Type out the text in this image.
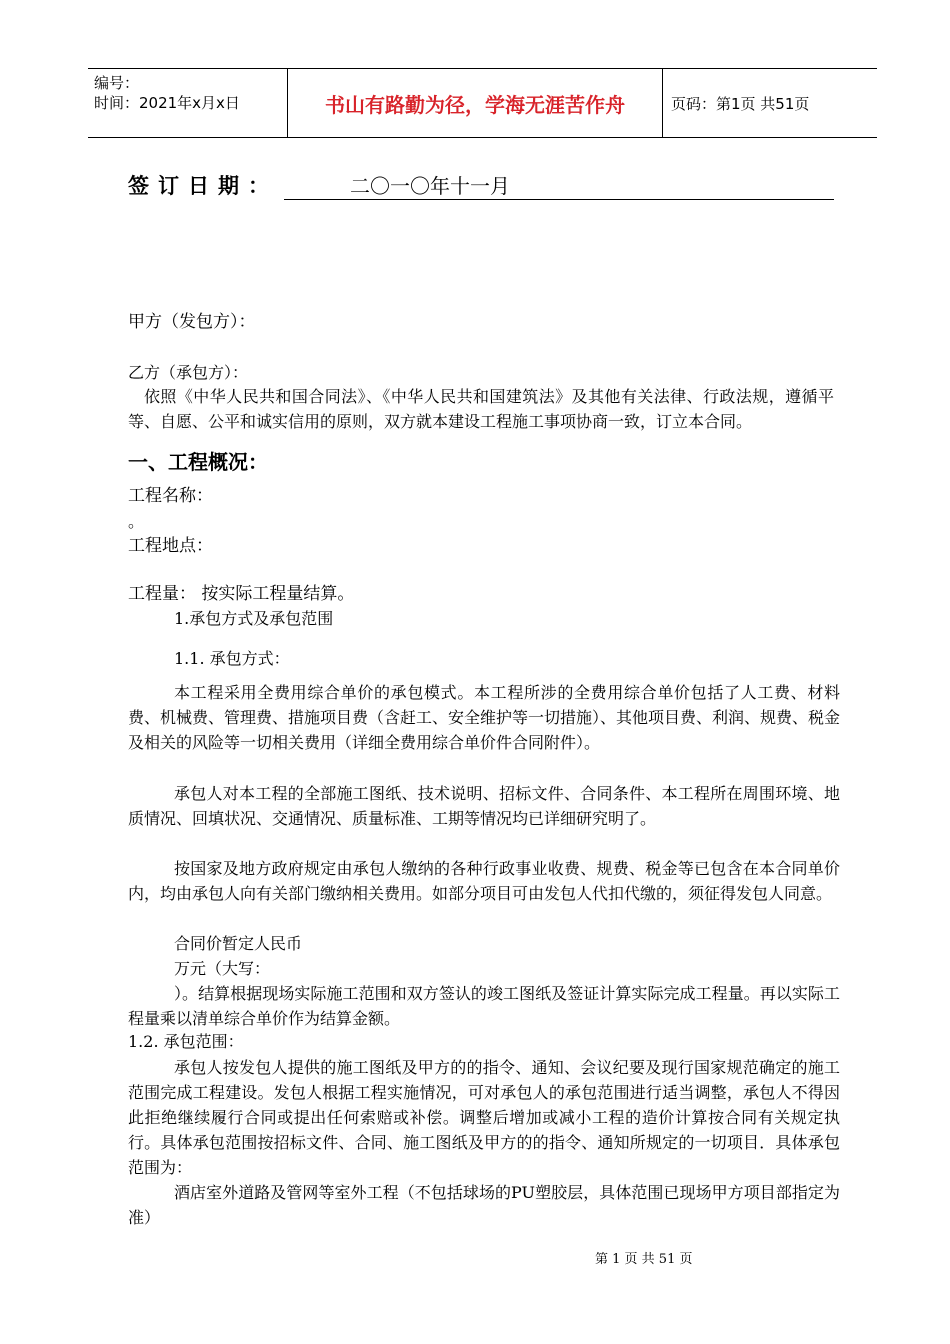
编号：
时间：2021年x月x日	书山有路勤为径，学海无涯苦作舟	页码：第1页 共51页
签订日期：	二〇一〇年十一月
甲方（发包方）：
乙方（承包方）：
依照《中华人民共和国合同法》、《中华人民共和国建筑法》及其他有关法律、行政法规，遵循平等、自愿、公平和诚实信用的原则，双方就本建设工程施工事项协商一致，订立本合同。
一、工程概况：
工程名称：
。
工程地点：
工程量： 按实际工程量结算。
1.承包方式及承包范围
1.1. 承包方式：
本工程采用全费用综合单价的承包模式。本工程所涉的全费用综合单价包括了人工费、材料费、机械费、管理费、措施项目费（含赶工、安全维护等一切措施）、其他项目费、利润、规费、税金及相关的风险等一切相关费用（详细全费用综合单价件合同附件）。
承包人对本工程的全部施工图纸、技术说明、招标文件、合同条件、本工程所在周围环境、地质情况、回填状况、交通情况、质量标准、工期等情况均已详细研究明了。
按国家及地方政府规定由承包人缴纳的各种行政事业收费、规费、税金等已包含在本合同单价内，均由承包人向有关部门缴纳相关费用。如部分项目可由发包人代扣代缴的，须征得发包人同意。
合同价暂定人民币
万元（大写：
）。结算根据现场实际施工范围和双方签认的竣工图纸及签证计算实际完成工程量。再以实际工程量乘以清单综合单价作为结算金额。
1.2. 承包范围：
承包人按发包人提供的施工图纸及甲方的的指令、通知、会议纪要及现行国家规范确定的施工范围完成工程建设。发包人根据工程实施情况，可对承包人的承包范围进行适当调整，承包人不得因此拒绝继续履行合同或提出任何索赔或补偿。调整后增加或减小工程的造价计算按合同有关规定执行。具体承包范围按招标文件、合同、施工图纸及甲方的的指令、通知所规定的一切项目．具体承包范围为：
酒店室外道路及管网等室外工程（不包括球场的PU塑胶层，具体范围已现场甲方项目部指定为准）
第 1 页 共 51 页
